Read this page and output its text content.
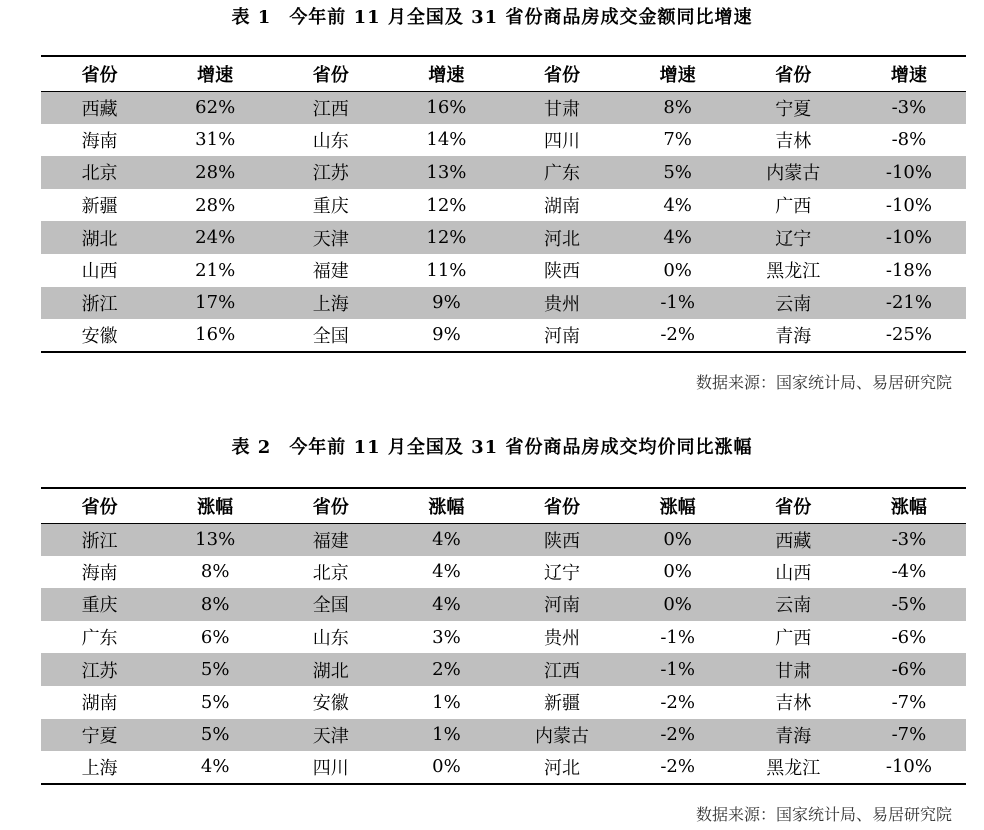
表 1 今年前 11 月全国及 31 省份商品房成交金额同比增速
省份	增速	省份	增速	省份	增速	省份	增速
西藏	62%	江西	16%	甘肃	8%	宁夏	-3%
海南	31%	山东	14%	四川	7%	吉林	-8%
北京	28%	江苏	13%	广东	5%	内蒙古	-10%
新疆	28%	重庆	12%	湖南	4%	广西	-10%
湖北	24%	天津	12%	河北	4%	辽宁	-10%
山西	21%	福建	11%	陕西	0%	黑龙江	-18%
浙江	17%	上海	9%	贵州	-1%	云南	-21%
安徽	16%	全国	9%	河南	-2%	青海	-25%
数据来源：国家统计局、易居研究院
表 2 今年前 11 月全国及 31 省份商品房成交均价同比涨幅
省份	涨幅	省份	涨幅	省份	涨幅	省份	涨幅
浙江	13%	福建	4%	陕西	0%	西藏	-3%
海南	8%	北京	4%	辽宁	0%	山西	-4%
重庆	8%	全国	4%	河南	0%	云南	-5%
广东	6%	山东	3%	贵州	-1%	广西	-6%
江苏	5%	湖北	2%	江西	-1%	甘肃	-6%
湖南	5%	安徽	1%	新疆	-2%	吉林	-7%
宁夏	5%	天津	1%	内蒙古	-2%	青海	-7%
上海	4%	四川	0%	河北	-2%	黑龙江	-10%
数据来源：国家统计局、易居研究院
